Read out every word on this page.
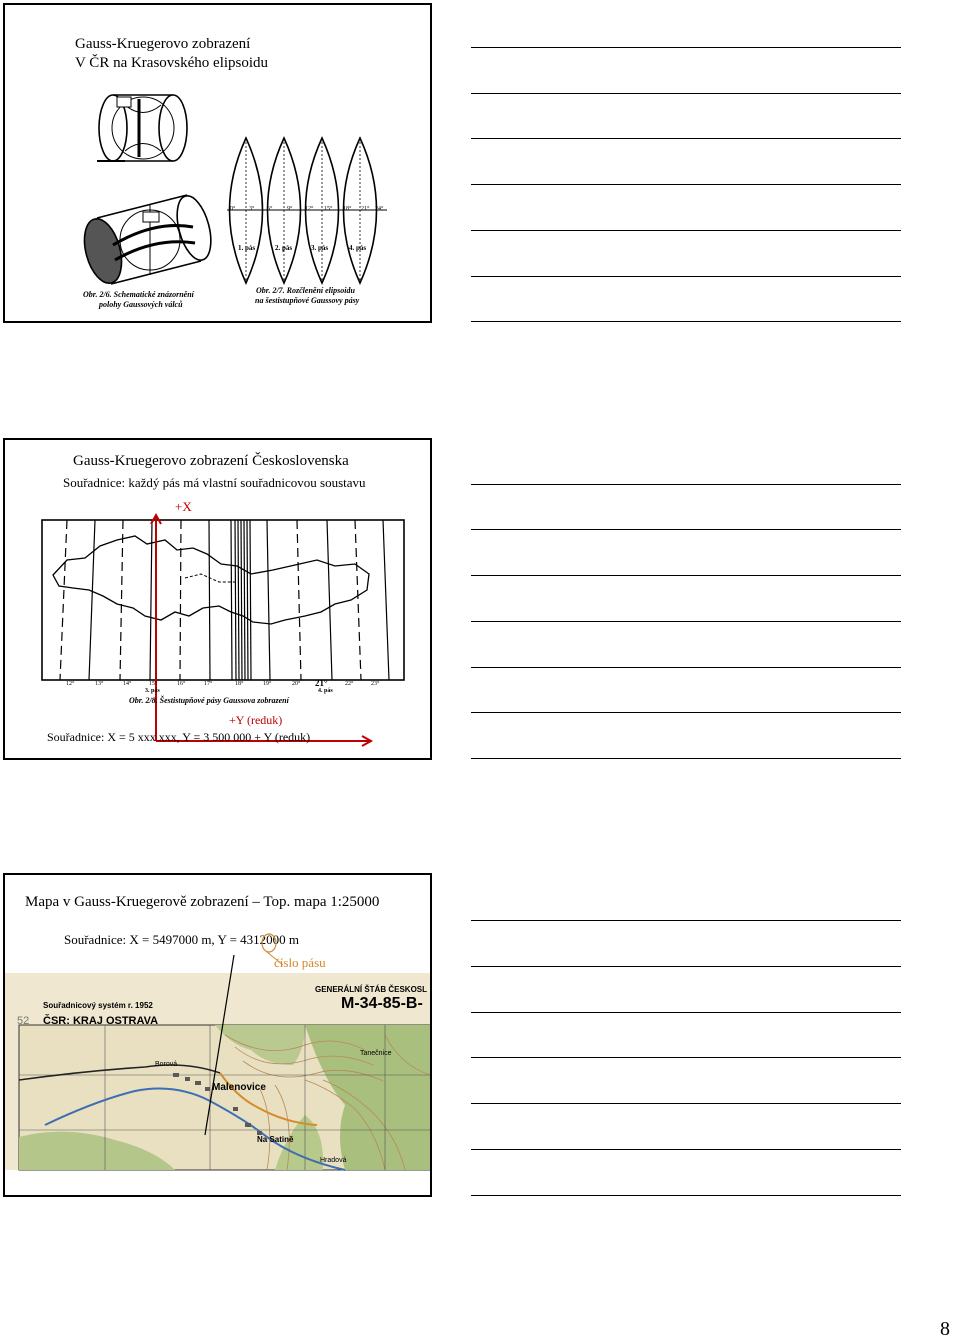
Gauss-Kruegerovo zobrazení
V ČR na Krasovského elipsoidu
0° 3° 6° 9° 12° 15° 18° 21° 24°
1. pás	2. pás	3. pás	4. pás
Obr. 2/6. Schematické znázornění
polohy Gaussových válců
Obr. 2/7. Rozčlenění elipsoidu
na šestistupňové Gaussovy pásy
Gauss-Kruegerovo zobrazení Československa
Souřadnice: každý pás má vlastní souřadnicovou soustavu
+X
12°	13°	14°	15°	16°	17°	18°	19°	20° 21°	22°	23°
3. pás	4. pás
Obr. 2/8. Šestistupňové pásy Gaussova zobrazení
+Y (reduk)
Souřadnice: X = 5 xxx xxx, Y = 3 500 000 + Y (reduk)
Mapa v Gauss-Kruegerově zobrazení – Top. mapa 1:25000
Souřadnice: X = 5497000 m, Y = 4312000 m
číslo pásu
Souřadnicový systém r. 1952
ČSR: KRAJ OSTRAVA
GENERÁLNÍ ŠTÁB ČESKOSL
M-34-85-B-
52
Malenovice
Borová
Na Satině
Hradová
Tanečnice
8
